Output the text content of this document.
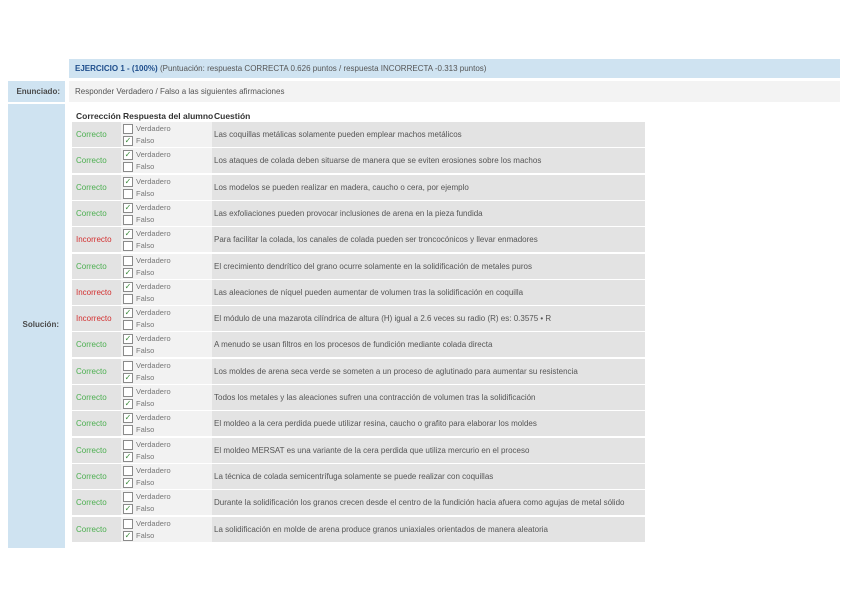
EJERCICIO 1 - (100%) (Puntuación: respuesta CORRECTA 0.626 puntos / respuesta INCORRECTA -0.313 puntos)
Enunciado:	Responder Verdadero / Falso a las siguientes afirmaciones
Solución:
Corrección Respuesta del alumno Cuestión
Correcto
Verdadero
✓ Falso
Las coquillas metálicas solamente pueden emplear machos metálicos
Correcto
✓ Verdadero
Falso
Los ataques de colada deben situarse de manera que se eviten erosiones sobre los machos
Correcto
✓ Verdadero
Falso
Los modelos se pueden realizar en madera, caucho o cera, por ejemplo
Correcto
✓ Verdadero
Falso
Las exfoliaciones pueden provocar inclusiones de arena en la pieza fundida
Incorrecto
✓ Verdadero
Falso
Para facilitar la colada, los canales de colada pueden ser troncocónicos y llevar enmadores
Correcto
Verdadero
✓ Falso
El crecimiento dendrítico del grano ocurre solamente en la solidificación de metales puros
Incorrecto
✓ Verdadero
Falso
Las aleaciones de níquel pueden aumentar de volumen tras la solidificación en coquilla
Incorrecto
✓ Verdadero
Falso
El módulo de una mazarota cilíndrica de altura (H) igual a 2.6 veces su radio (R) es: 0.3575 • R
Correcto
✓ Verdadero
Falso
A menudo se usan filtros en los procesos de fundición mediante colada directa
Correcto
Verdadero
✓ Falso
Los moldes de arena seca verde se someten a un proceso de aglutinado para aumentar su resistencia
Correcto
Verdadero
✓ Falso
Todos los metales y las aleaciones sufren una contracción de volumen tras la solidificación
Correcto
✓ Verdadero
Falso
El moldeo a la cera perdida puede utilizar resina, caucho o grafito para elaborar los moldes
Correcto
Verdadero
✓ Falso
El moldeo MERSAT es una variante de la cera perdida que utiliza mercurio en el proceso
Correcto
Verdadero
✓ Falso
La técnica de colada semicentrífuga solamente se puede realizar con coquillas
Correcto
Verdadero
✓ Falso
Durante la solidificación los granos crecen desde el centro de la fundición hacia afuera como agujas de metal sólido
Correcto
Verdadero
✓ Falso
La solidificación en molde de arena produce granos uniaxiales orientados de manera aleatoria
